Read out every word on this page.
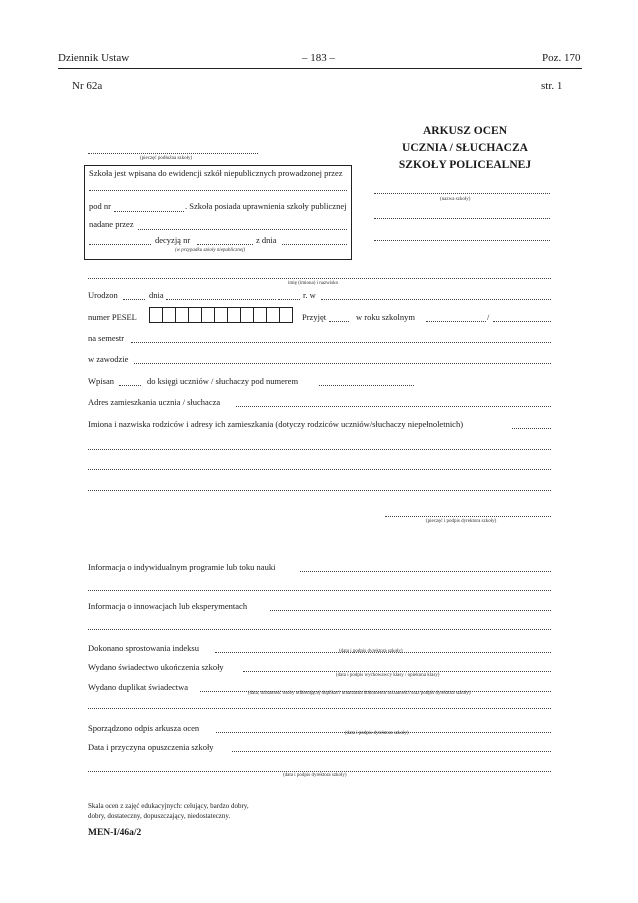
Dziennik Ustaw	– 183 –	Poz. 170
Nr 62a	str. 1
ARKUSZ OCEN
UCZNIA / SŁUCHACZA
SZKOŁY POLICEALNEJ
(pieczęć podłużna szkoły)
Szkoła jest wpisana do ewidencji szkół niepublicznych prowadzonej przez
pod nr	. Szkoła posiada uprawnienia szkoły publicznej
nadane przez
decyzją nr	z dnia
(w przypadku szkoły niepublicznej)
(nazwa szkoły)
imię (imiona) i nazwisko
Urodzon	dnia	r. w
numer PESEL	Przyjęt	w roku szkolnym	/
na semestr
w zawodzie
Wpisan	do księgi uczniów / słuchaczy pod numerem
Adres zamieszkania ucznia / słuchacza
Imiona i nazwiska rodziców i adresy ich zamieszkania (dotyczy rodziców uczniów/słuchaczy niepełnoletnich)
(pieczęć i podpis dyrektora szkoły)
Informacja o indywidualnym programie lub toku nauki
Informacja o innowacjach lub eksperymentach
Dokonano sprostowania indeksu	(data i podpis dyrektora szkoły)
Wydano świadectwo ukończenia szkoły
(data i podpis wychowawcy klasy / opiekuna klasy)
Wydano duplikat świadectwa
(data, tożsamość osoby odbierającej duplikat i umarzania dokumentu tożsamości oraz podpis dyrektora szkoły)
Sporządzono odpis arkusza ocen
(data i podpis dyrektora szkoły)
Data i przyczyna opuszczenia szkoły
(data i podpis dyrektora szkoły)
Skala ocen z zajęć edukacyjnych: celujący, bardzo dobry,
dobry, dostateczny, dopuszczający, niedostateczny.
MEN-I/46a/2
